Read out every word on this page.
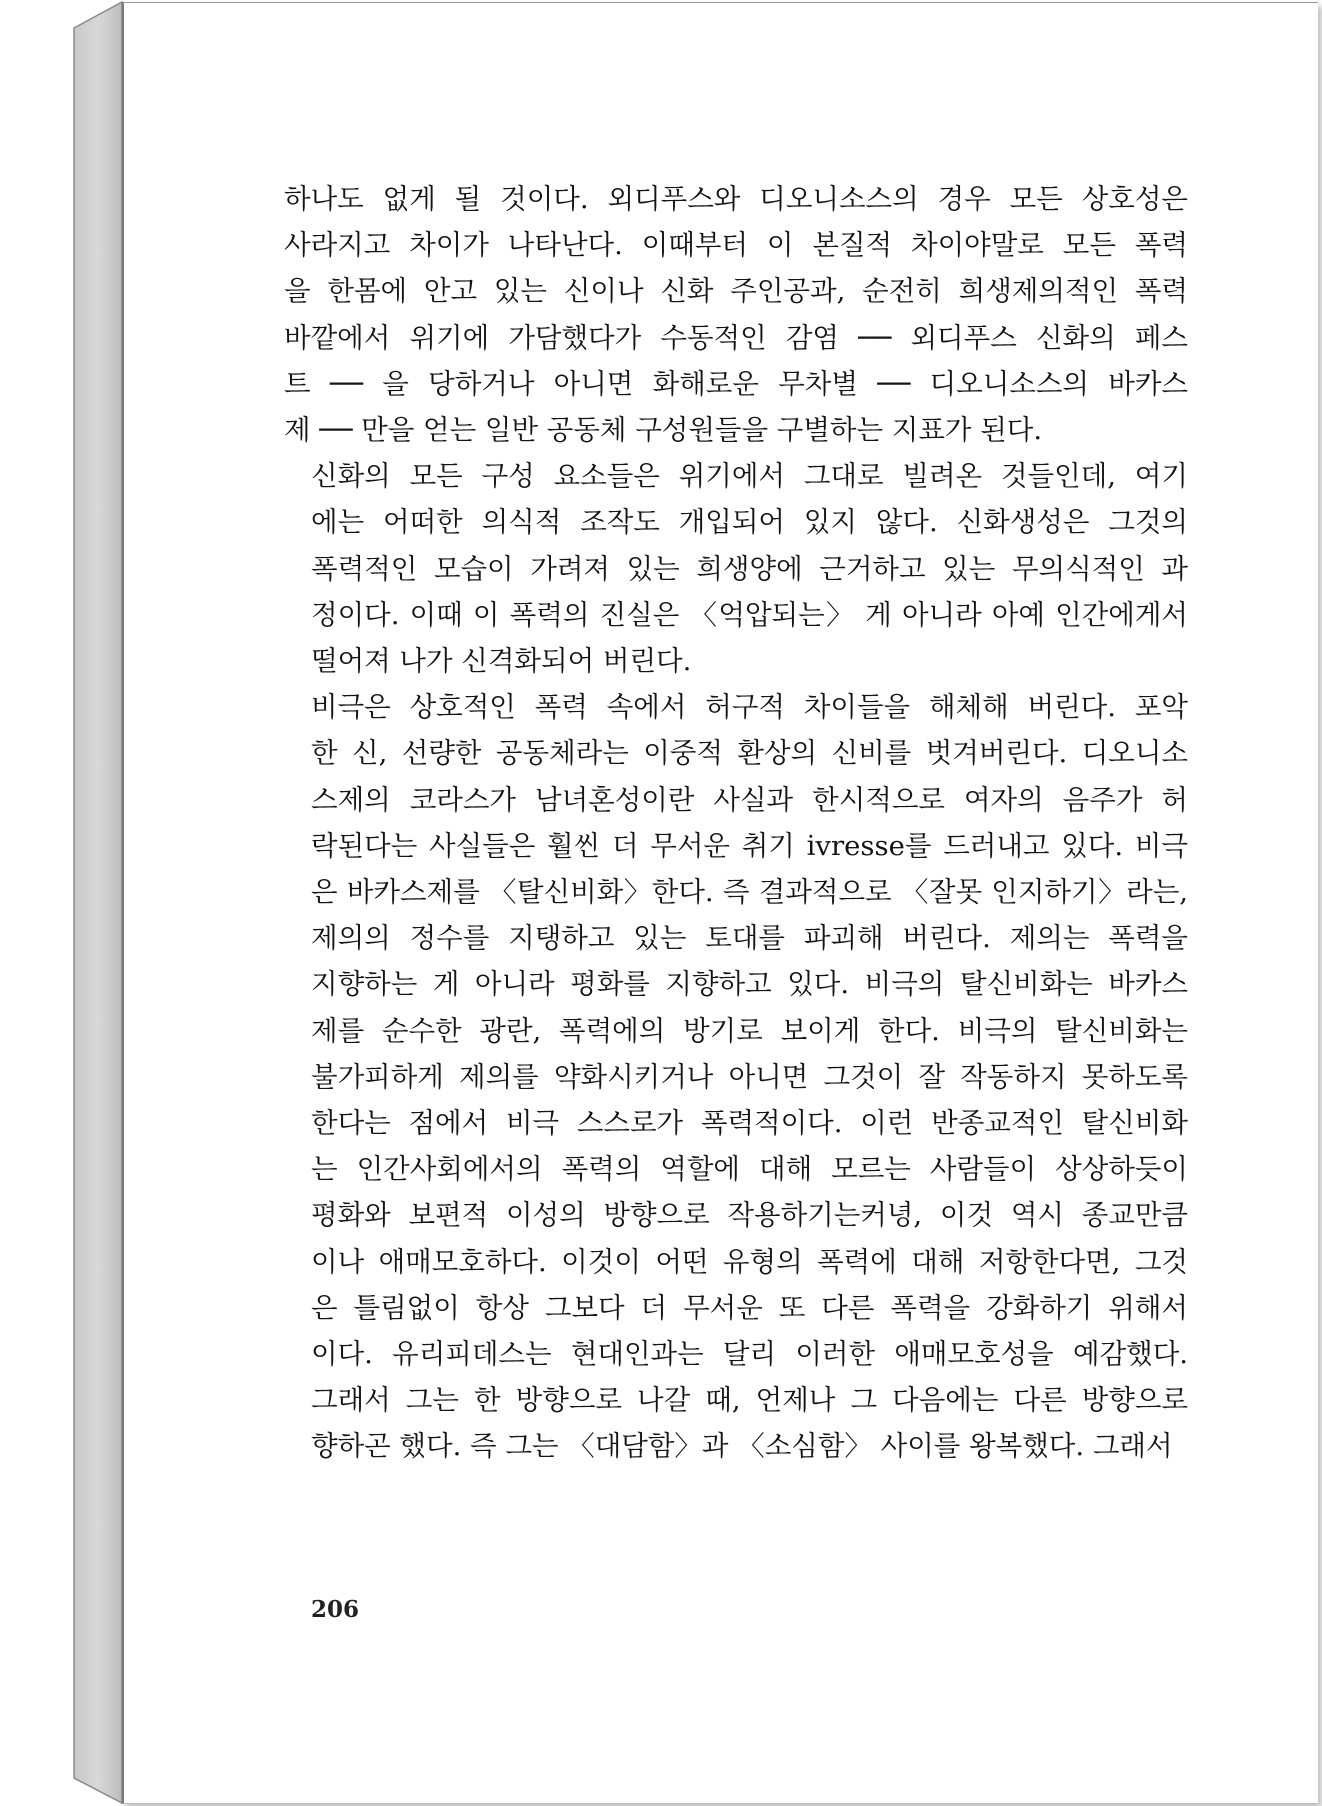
하나도 없게 될 것이다. 외디푸스와 디오니소스의 경우 모든 상호성은
사라지고 차이가 나타난다. 이때부터 이 본질적 차이야말로 모든 폭력
을 한몸에 안고 있는 신이나 신화 주인공과, 순전히 희생제의적인 폭력
바깥에서 위기에 가담했다가 수동적인 감염 ── 외디푸스 신화의 페스
트 ── 을 당하거나 아니면 화해로운 무차별 ── 디오니소스의 바카스
제 ── 만을 얻는 일반 공동체 구성원들을 구별하는 지표가 된다.
신화의 모든 구성 요소들은 위기에서 그대로 빌려온 것들인데, 여기
에는 어떠한 의식적 조작도 개입되어 있지 않다. 신화생성은 그것의
폭력적인 모습이 가려져 있는 희생양에 근거하고 있는 무의식적인 과
정이다. 이때 이 폭력의 진실은 〈억압되는〉 게 아니라 아예 인간에게서
떨어져 나가 신격화되어 버린다.
비극은 상호적인 폭력 속에서 허구적 차이들을 해체해 버린다. 포악
한 신, 선량한 공동체라는 이중적 환상의 신비를 벗겨버린다. 디오니소
스제의 코라스가 남녀혼성이란 사실과 한시적으로 여자의 음주가 허
락된다는 사실들은 훨씬 더 무서운 취기 ivresse를 드러내고 있다. 비극
은 바카스제를 〈탈신비화〉한다. 즉 결과적으로 〈잘못 인지하기〉라는,
제의의 정수를 지탱하고 있는 토대를 파괴해 버린다. 제의는 폭력을
지향하는 게 아니라 평화를 지향하고 있다. 비극의 탈신비화는 바카스
제를 순수한 광란, 폭력에의 방기로 보이게 한다. 비극의 탈신비화는
불가피하게 제의를 약화시키거나 아니면 그것이 잘 작동하지 못하도록
한다는 점에서 비극 스스로가 폭력적이다. 이런 반종교적인 탈신비화
는 인간사회에서의 폭력의 역할에 대해 모르는 사람들이 상상하듯이
평화와 보편적 이성의 방향으로 작용하기는커녕, 이것 역시 종교만큼
이나 애매모호하다. 이것이 어떤 유형의 폭력에 대해 저항한다면, 그것
은 틀림없이 항상 그보다 더 무서운 또 다른 폭력을 강화하기 위해서
이다. 유리피데스는 현대인과는 달리 이러한 애매모호성을 예감했다.
그래서 그는 한 방향으로 나갈 때, 언제나 그 다음에는 다른 방향으로
향하곤 했다. 즉 그는 〈대담함〉과 〈소심함〉 사이를 왕복했다. 그래서
206
